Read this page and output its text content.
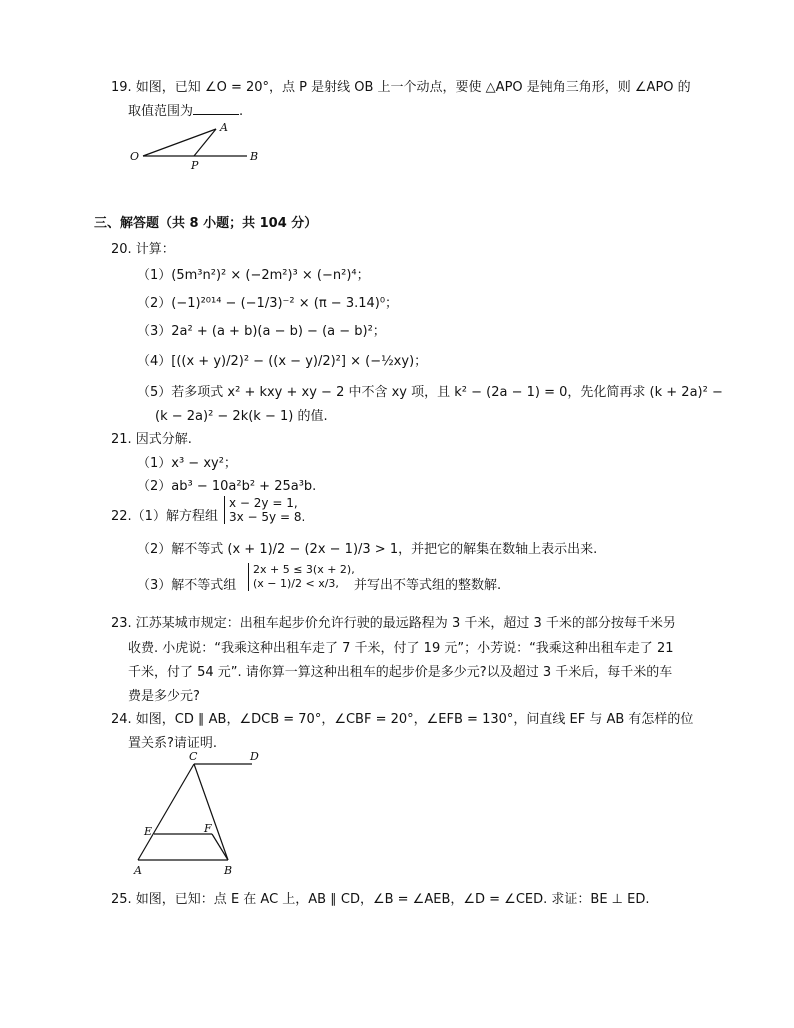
19. 如图，已知 ∠O = 20°，点 P 是射线 OB 上一个动点，要使 △APO 是钝角三角形，则 ∠APO 的
取值范围为	.
O
A
P
B
三、解答题（共 8 小题；共 104 分）
20. 计算：
（1）(5m³n²)² × (−2m²)³ × (−n²)⁴；
（2）(−1)²⁰¹⁴ − (−1/3)⁻² × (π − 3.14)⁰；
（3）2a² + (a + b)(a − b) − (a − b)²；
（4）[((x + y)/2)² − ((x − y)/2)²] × (−½xy)；
（5）若多项式 x² + kxy + xy − 2 中不含 xy 项，且 k² − (2a − 1) = 0，先化简再求 (k + 2a)² −
(k − 2a)² − 2k(k − 1) 的值.
21. 因式分解.
（1）x³ − xy²；
（2）ab³ − 10a²b² + 25a³b.
22.（1）解方程组
x − 2y = 1,
3x − 5y = 8.
（2）解不等式 (x + 1)/2 − (2x − 1)/3 > 1，并把它的解集在数轴上表示出来.
（3）解不等式组
2x + 5 ≤ 3(x + 2),
(x − 1)/2 < x/3,	并写出不等式组的整数解.
23. 江苏某城市规定：出租车起步价允许行驶的最远路程为 3 千米，超过 3 千米的部分按每千米另
收费. 小虎说：“我乘这种出租车走了 7 千米，付了 19 元”；小芳说：“我乘这种出租车走了 21
千米，付了 54 元”. 请你算一算这种出租车的起步价是多少元?以及超过 3 千米后，每千米的车
费是多少元?
24. 如图，CD ∥ AB，∠DCB = 70°，∠CBF = 20°，∠EFB = 130°，问直线 EF 与 AB 有怎样的位
置关系?请证明.
C	D
E	F
A	B
25. 如图，已知：点 E 在 AC 上，AB ∥ CD，∠B = ∠AEB，∠D = ∠CED. 求证：BE ⊥ ED.
